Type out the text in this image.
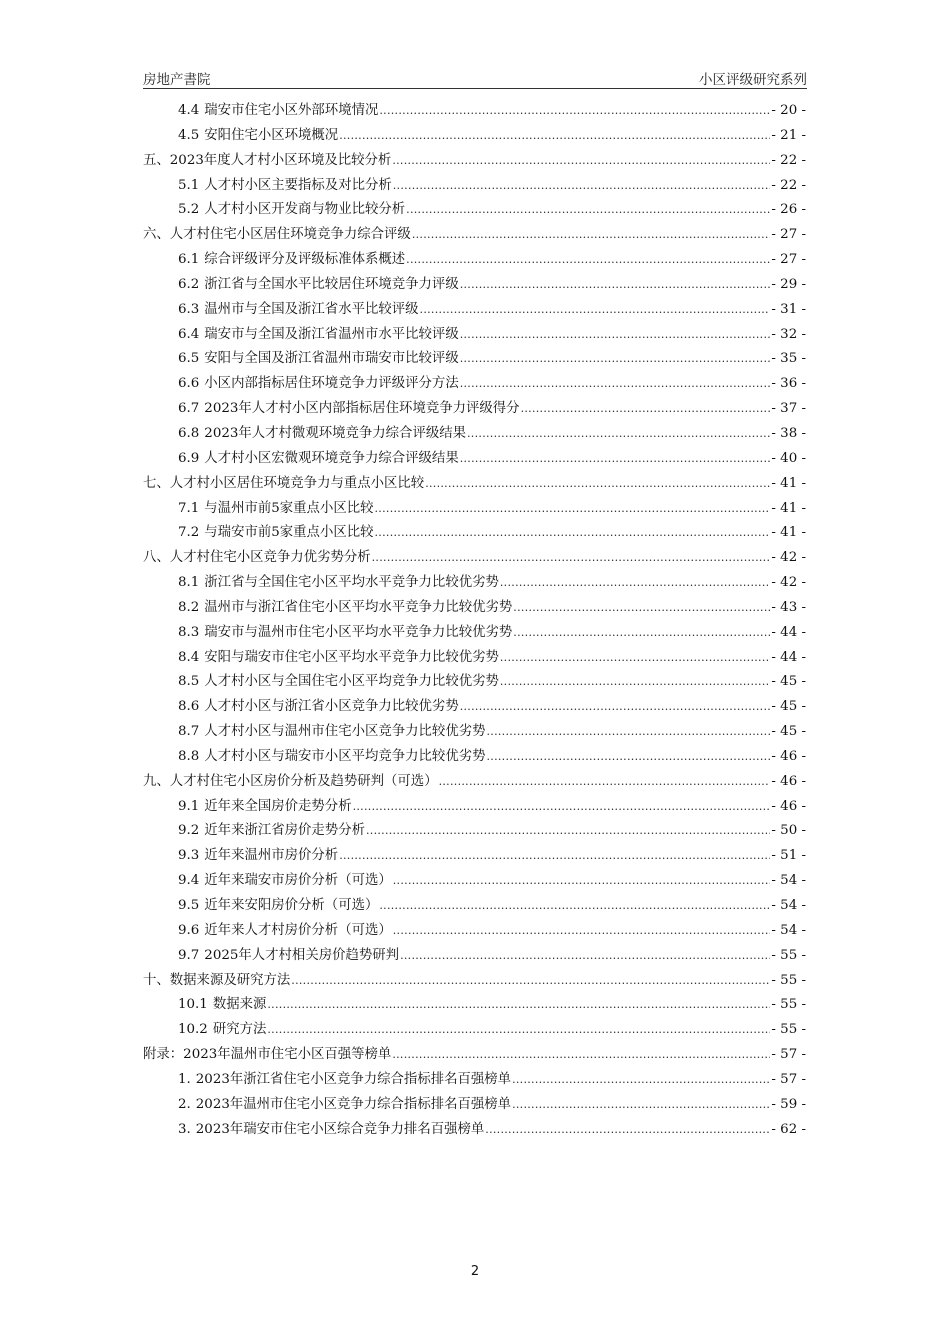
房地产書院	小区评级研究系列
4.4 瑞安市住宅小区外部环境情况 .....	- 20 -
4.5 安阳住宅小区环境概况 .....	- 21 -
五、2023年度人才村小区环境及比较分析 .....	- 22 -
5.1 人才村小区主要指标及对比分析 .....	- 22 -
5.2 人才村小区开发商与物业比较分析 .....	- 26 -
六、人才村住宅小区居住环境竞争力综合评级 .....	- 27 -
6.1 综合评级评分及评级标准体系概述 .....	- 27 -
6.2 浙江省与全国水平比较居住环境竞争力评级 .....	- 29 -
6.3 温州市与全国及浙江省水平比较评级 .....	- 31 -
6.4 瑞安市与全国及浙江省温州市水平比较评级 .....	- 32 -
6.5 安阳与全国及浙江省温州市瑞安市比较评级 .....	- 35 -
6.6 小区内部指标居住环境竞争力评级评分方法 .....	- 36 -
6.7 2023年人才村小区内部指标居住环境竞争力评级得分 .....	- 37 -
6.8 2023年人才村微观环境竞争力综合评级结果 .....	- 38 -
6.9 人才村小区宏微观环境竞争力综合评级结果 .....	- 40 -
七、人才村小区居住环境竞争力与重点小区比较 .....	- 41 -
7.1 与温州市前5家重点小区比较 .....	- 41 -
7.2 与瑞安市前5家重点小区比较 .....	- 41 -
八、人才村住宅小区竞争力优劣势分析 .....	- 42 -
8.1 浙江省与全国住宅小区平均水平竞争力比较优劣势 .....	- 42 -
8.2 温州市与浙江省住宅小区平均水平竞争力比较优劣势 .....	- 43 -
8.3 瑞安市与温州市住宅小区平均水平竞争力比较优劣势 .....	- 44 -
8.4 安阳与瑞安市住宅小区平均水平竞争力比较优劣势 .....	- 44 -
8.5 人才村小区与全国住宅小区平均竞争力比较优劣势 .....	- 45 -
8.6 人才村小区与浙江省小区竞争力比较优劣势 .....	- 45 -
8.7 人才村小区与温州市住宅小区竞争力比较优劣势 .....	- 45 -
8.8 人才村小区与瑞安市小区平均竞争力比较优劣势 .....	- 46 -
九、人才村住宅小区房价分析及趋势研判（可选） .....	- 46 -
9.1 近年来全国房价走势分析 .....	- 46 -
9.2 近年来浙江省房价走势分析 .....	- 50 -
9.3 近年来温州市房价分析 .....	- 51 -
9.4 近年来瑞安市房价分析（可选） .....	- 54 -
9.5 近年来安阳房价分析（可选） .....	- 54 -
9.6 近年来人才村房价分析（可选） .....	- 54 -
9.7 2025年人才村相关房价趋势研判 .....	- 55 -
十、数据来源及研究方法 .....	- 55 -
10.1 数据来源 .....	- 55 -
10.2 研究方法 .....	- 55 -
附录：2023年温州市住宅小区百强等榜单 .....	- 57 -
1. 2023年浙江省住宅小区竞争力综合指标排名百强榜单 .....	- 57 -
2. 2023年温州市住宅小区竞争力综合指标排名百强榜单 .....	- 59 -
3. 2023年瑞安市住宅小区综合竞争力排名百强榜单 .....	- 62 -
2
